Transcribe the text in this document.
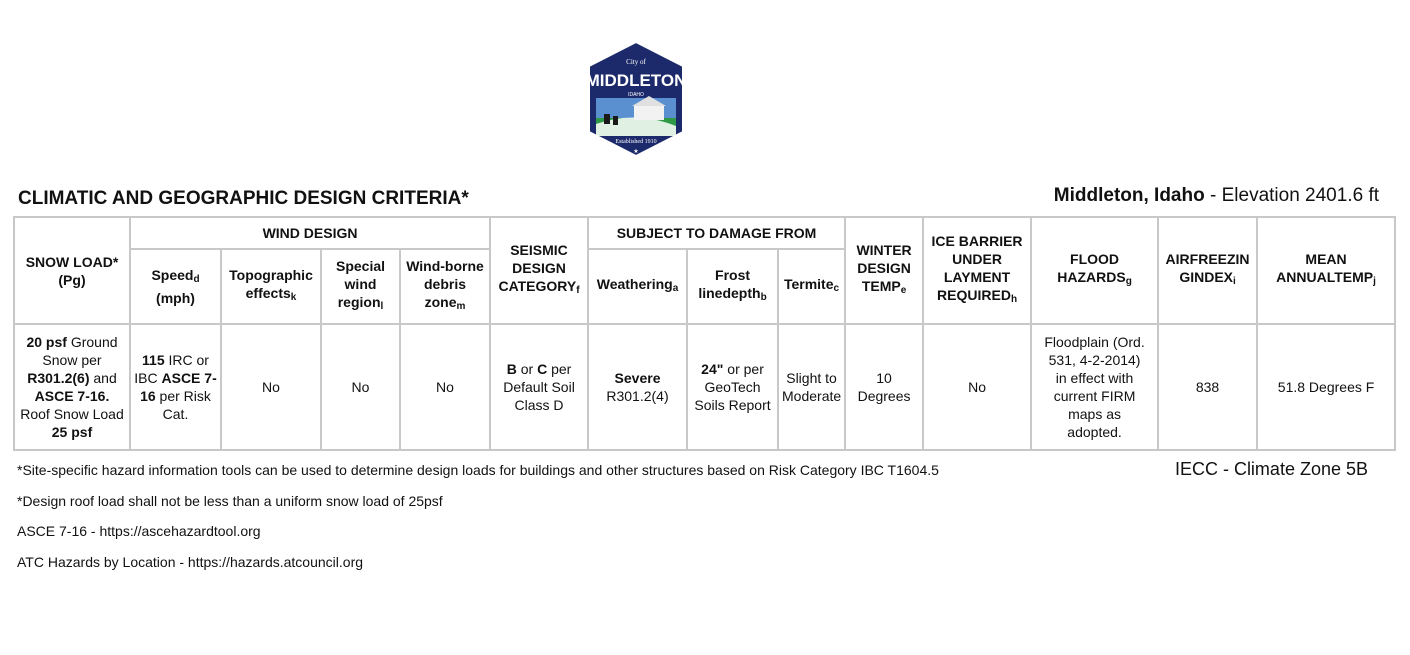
City of
MIDDLETON
IDAHO
Established 1910
★
CLIMATIC AND GEOGRAPHIC DESIGN CRITERIA*	Middleton, Idaho - Elevation 2401.6 ft
SNOW LOAD* (Pg)	WIND DESIGN				SEISMIC DESIGN $CATEGORY_f$	SUBJECT TO DAMAGE FROM			WINTER DESIGN $TEMP_e$	ICE BARRIER UNDER LAYMENT $REQUIRED_h$	FLOOD $HAZARDS_g$	AIRFREEZIN $GINDEX_i$	MEAN $ANNUALTEMP_j$
	Speed$_d$
(mph)	Topographic effects$_k$	Special wind region$_l$	Wind-borne debris zone$_m$		Weathering$_a$	Frost linedepth$_b$	Termite$_c$
20 psf Ground Snow per R301.2(6) and ASCE 7-16. Roof Snow Load 25 psf	115 IRC or IBC ASCE 7-16 per Risk Cat.	No	No	No	B or C per Default Soil Class D	Severe
R301.2(4)	24" or per GeoTech Soils Report	Slight to Moderate	10 Degrees	No	Floodplain (Ord. 531, 4-2-2014) in effect with current FIRM maps as adopted.	838	51.8 Degrees F

*Site-specific hazard information tools can be used to determine design loads for buildings and other structures based on Risk Category IBC T1604.5	IECC - Climate Zone 5B

*Design roof load shall not be less than a uniform snow load of 25psf

ASCE 7-16 - https://ascehazardtool.org

ATC Hazards by Location - https://hazards.atcouncil.org
